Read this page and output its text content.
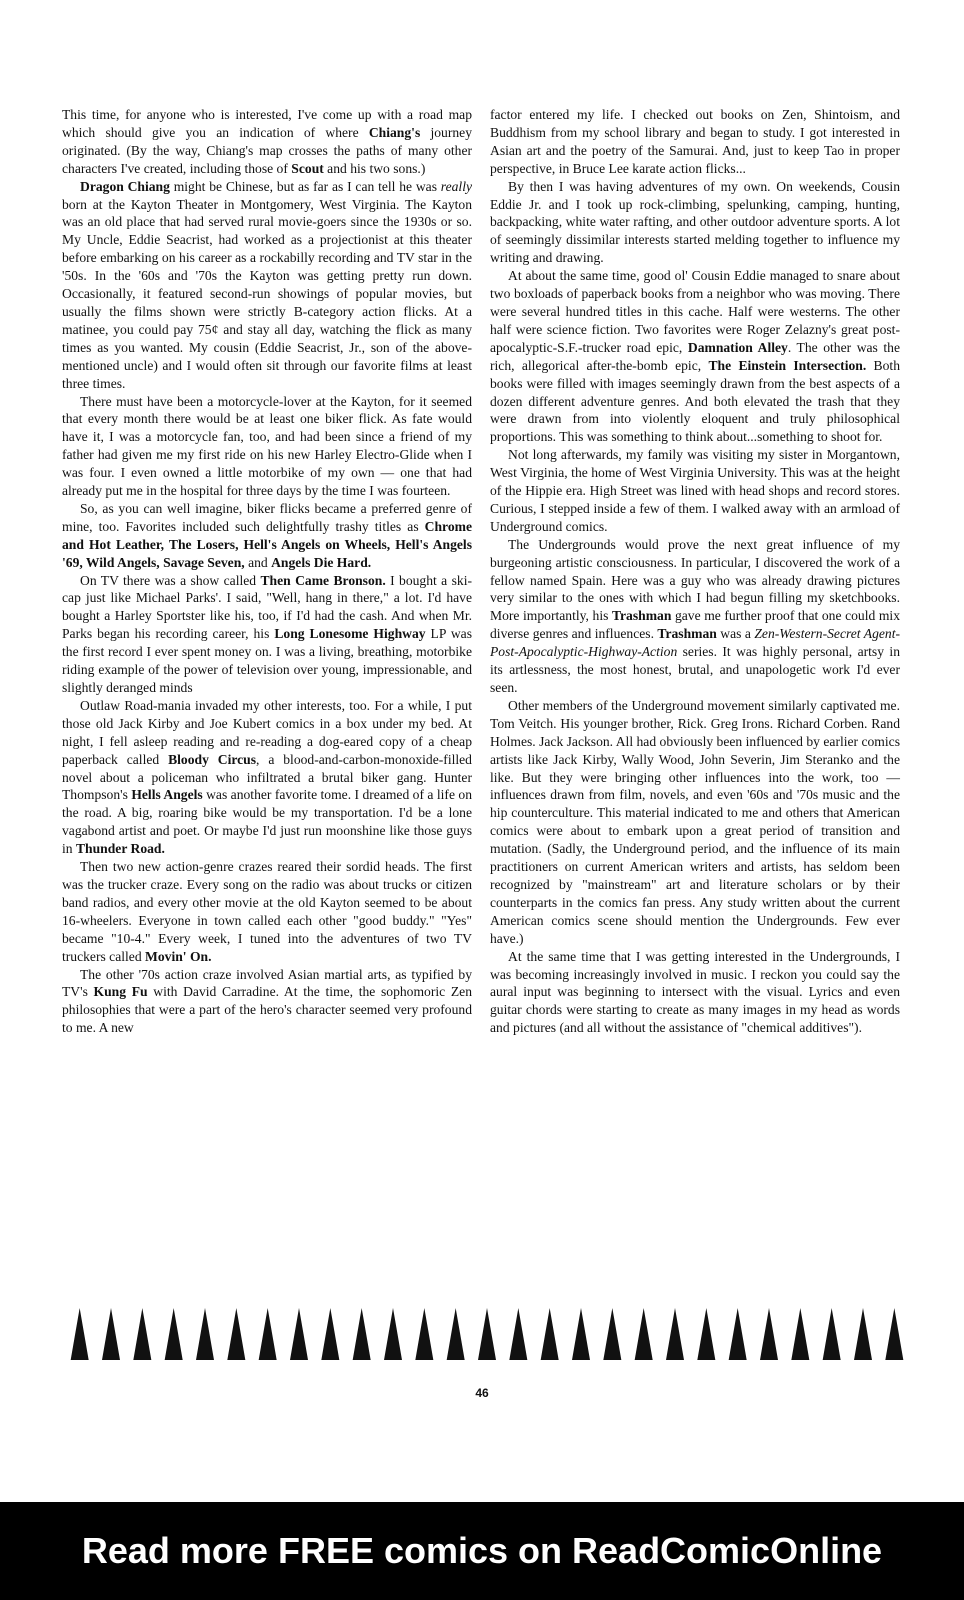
This time, for anyone who is interested, I've come up with a road map which should give you an indication of where Chiang's journey originated. (By the way, Chiang's map crosses the paths of many other characters I've created, including those of Scout and his two sons.)

Dragon Chiang might be Chinese, but as far as I can tell he was really born at the Kayton Theater in Montgomery, West Virginia. The Kayton was an old place that had served rural movie-goers since the 1930s or so. My Uncle, Eddie Seacrist, had worked as a projectionist at this theater before embarking on his career as a rockabilly recording and TV star in the '50s. In the '60s and '70s the Kayton was getting pretty run down. Occasionally, it featured second-run showings of popular movies, but usually the films shown were strictly B-category action flicks. At a matinee, you could pay 75¢ and stay all day, watching the flick as many times as you wanted. My cousin (Eddie Seacrist, Jr., son of the above-mentioned uncle) and I would often sit through our favorite films at least three times.

There must have been a motorcycle-lover at the Kayton, for it seemed that every month there would be at least one biker flick. As fate would have it, I was a motorcycle fan, too, and had been since a friend of my father had given me my first ride on his new Harley Electro-Glide when I was four. I even owned a little motorbike of my own — one that had already put me in the hospital for three days by the time I was fourteen.

So, as you can well imagine, biker flicks became a preferred genre of mine, too. Favorites included such delightfully trashy titles as Chrome and Hot Leather, The Losers, Hell's Angels on Wheels, Hell's Angels '69, Wild Angels, Savage Seven, and Angels Die Hard.

On TV there was a show called Then Came Bronson. I bought a ski-cap just like Michael Parks'. I said, "Well, hang in there," a lot. I'd have bought a Harley Sportster like his, too, if I'd had the cash. And when Mr. Parks began his recording career, his Long Lonesome Highway LP was the first record I ever spent money on. I was a living, breathing, motorbike riding example of the power of television over young, impressionable, and slightly deranged minds

Outlaw Road-mania invaded my other interests, too. For a while, I put those old Jack Kirby and Joe Kubert comics in a box under my bed. At night, I fell asleep reading and re-reading a dog-eared copy of a cheap paperback called Bloody Circus, a blood-and-carbon-monoxide-filled novel about a policeman who infiltrated a brutal biker gang. Hunter Thompson's Hells Angels was another favorite tome. I dreamed of a life on the road. A big, roaring bike would be my transportation. I'd be a lone vagabond artist and poet. Or maybe I'd just run moonshine like those guys in Thunder Road.

Then two new action-genre crazes reared their sordid heads. The first was the trucker craze. Every song on the radio was about trucks or citizen band radios, and every other movie at the old Kayton seemed to be about 16-wheelers. Everyone in town called each other "good buddy." "Yes" became "10-4." Every week, I tuned into the adventures of two TV truckers called Movin' On.

The other '70s action craze involved Asian martial arts, as typified by TV's Kung Fu with David Carradine. At the time, the sophomoric Zen philosophies that were a part of the hero's character seemed very profound to me. A new

factor entered my life. I checked out books on Zen, Shintoism, and Buddhism from my school library and began to study. I got interested in Asian art and the poetry of the Samurai. And, just to keep Tao in proper perspective, in Bruce Lee karate action flicks...

By then I was having adventures of my own. On weekends, Cousin Eddie Jr. and I took up rock-climbing, spelunking, camping, hunting, backpacking, white water rafting, and other outdoor adventure sports. A lot of seemingly dissimilar interests started melding together to influence my writing and drawing.

At about the same time, good ol' Cousin Eddie managed to snare about two boxloads of paperback books from a neighbor who was moving. There were several hundred titles in this cache. Half were westerns. The other half were science fiction. Two favorites were Roger Zelazny's great post-apocalyptic-S.F.-trucker road epic, Damnation Alley. The other was the rich, allegorical after-the-bomb epic, The Einstein Intersection. Both books were filled with images seemingly drawn from the best aspects of a dozen different adventure genres. And both elevated the trash that they were drawn from into violently eloquent and truly philosophical proportions. This was something to think about...something to shoot for.

Not long afterwards, my family was visiting my sister in Morgantown, West Virginia, the home of West Virginia University. This was at the height of the Hippie era. High Street was lined with head shops and record stores. Curious, I stepped inside a few of them. I walked away with an armload of Underground comics.

The Undergrounds would prove the next great influence of my burgeoning artistic consciousness. In particular, I discovered the work of a fellow named Spain. Here was a guy who was already drawing pictures very similar to the ones with which I had begun filling my sketchbooks. More importantly, his Trashman gave me further proof that one could mix diverse genres and influences. Trashman was a Zen-Western-Secret Agent-Post-Apocalyptic-Highway-Action series. It was highly personal, artsy in its artlessness, the most honest, brutal, and unapologetic work I'd ever seen.

Other members of the Underground movement similarly captivated me. Tom Veitch. His younger brother, Rick. Greg Irons. Richard Corben. Rand Holmes. Jack Jackson. All had obviously been influenced by earlier comics artists like Jack Kirby, Wally Wood, John Severin, Jim Steranko and the like. But they were bringing other influences into the work, too — influences drawn from film, novels, and even '60s and '70s music and the hip counterculture. This material indicated to me and others that American comics were about to embark upon a great period of transition and mutation. (Sadly, the Underground period, and the influence of its main practitioners on current American writers and artists, has seldom been recognized by "mainstream" art and literature scholars or by their counterparts in the comics fan press. Any study written about the current American comics scene should mention the Undergrounds. Few ever have.)

At the same time that I was getting interested in the Undergrounds, I was becoming increasingly involved in music. I reckon you could say the aural input was beginning to intersect with the visual. Lyrics and even guitar chords were starting to create as many images in my head as words and pictures (and all without the assistance of "chemical additives").

46
Read more FREE comics on ReadComicOnline
